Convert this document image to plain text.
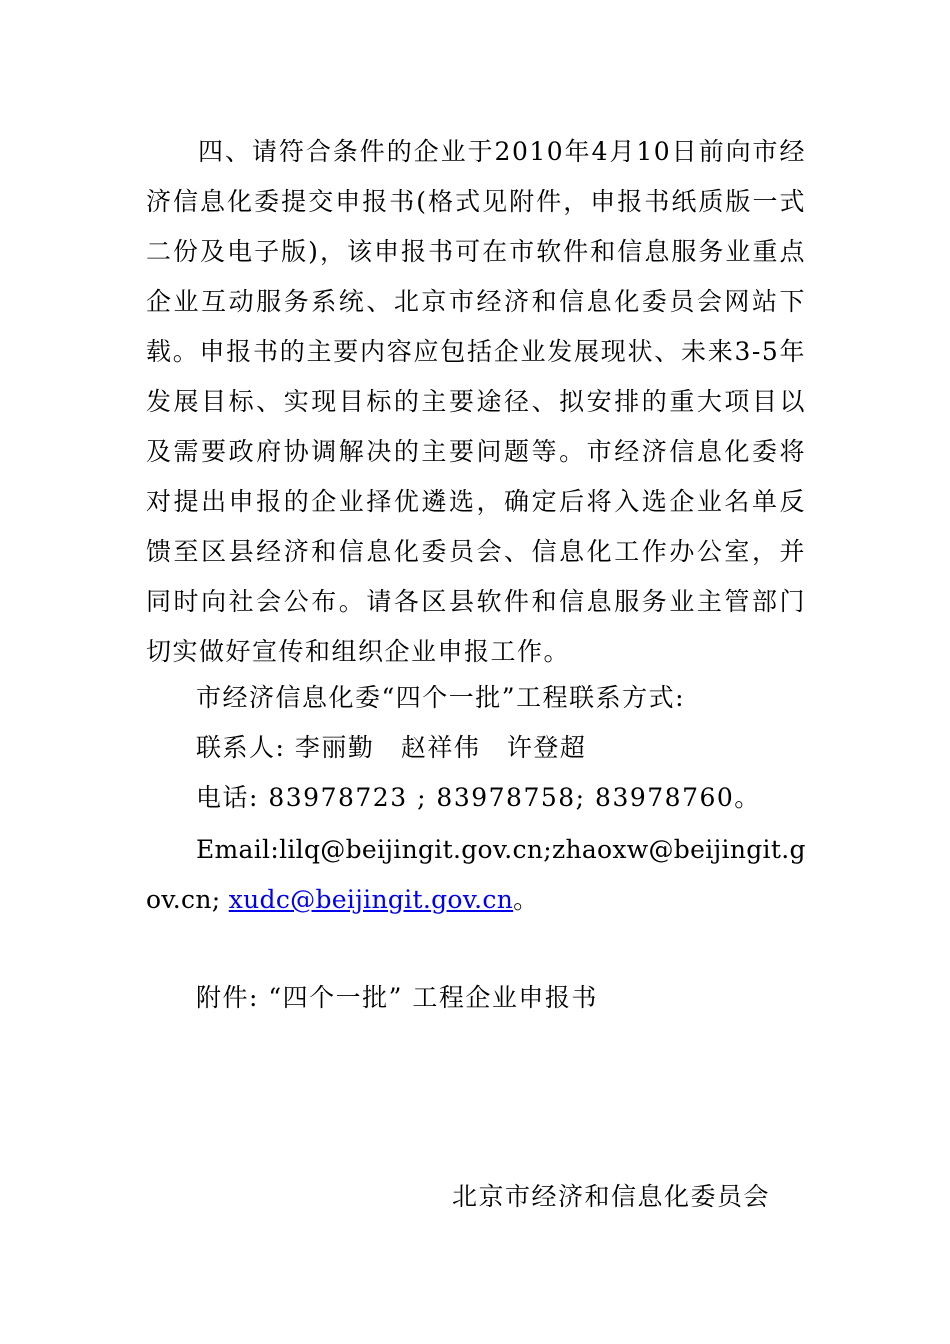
四、请符合条件的企业于2010年4月10日前向市经济信息化委提交申报书(格式见附件，申报书纸质版一式二份及电子版)，该申报书可在市软件和信息服务业重点企业互动服务系统、北京市经济和信息化委员会网站下载。申报书的主要内容应包括企业发展现状、未来3-5年发展目标、实现目标的主要途径、拟安排的重大项目以及需要政府协调解决的主要问题等。市经济信息化委将对提出申报的企业择优遴选，确定后将入选企业名单反馈至区县经济和信息化委员会、信息化工作办公室，并同时向社会公布。请各区县软件和信息服务业主管部门切实做好宣传和组织企业申报工作。

市经济信息化委“四个一批”工程联系方式:

联系人: 李丽勤　赵祥伟　许登超

电话: 83978723 ; 83978758; 83978760。

Email:lilq@beijingit.gov.cn;zhaoxw@beijingit.gov.cn; xudc@beijingit.gov.cn。

附件: “四个一批” 工程企业申报书

北京市经济和信息化委员会
